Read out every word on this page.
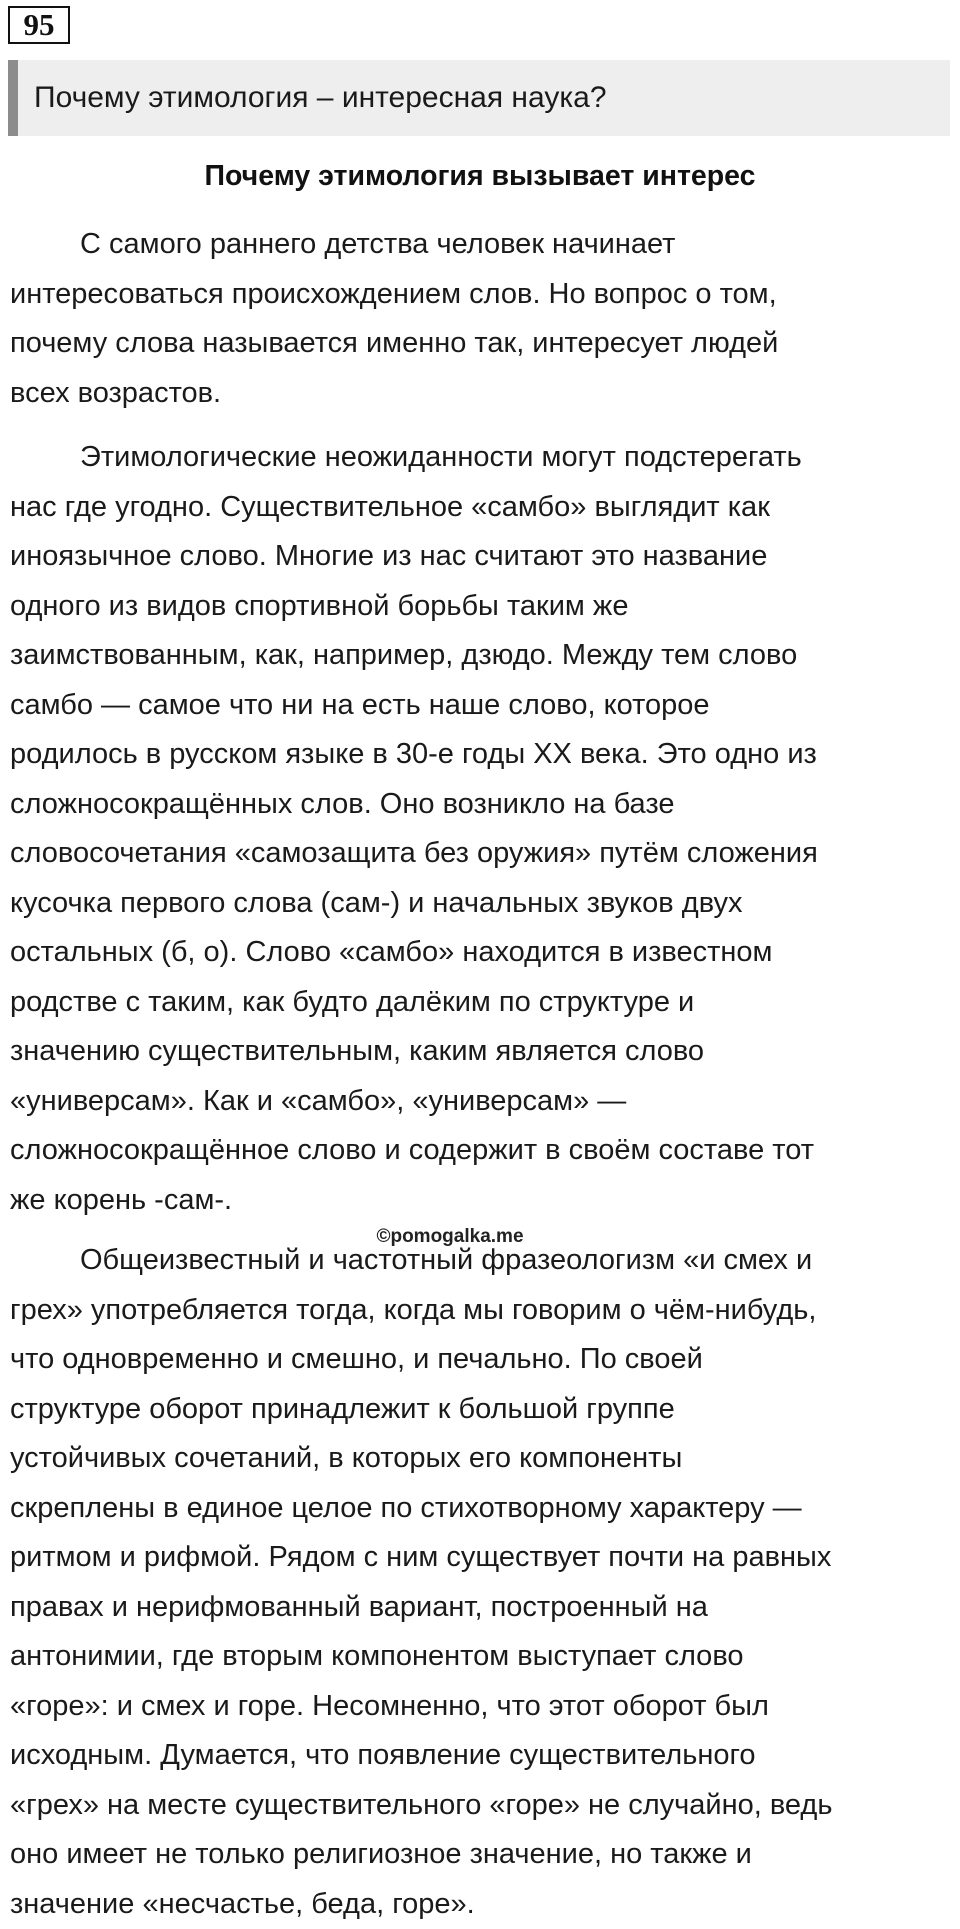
95
Почему этимология – интересная наука?
Почему этимология вызывает интерес

С самого раннего детства человек начинает
интересоваться происхождением слов. Но вопрос о том,
почему слова называется именно так, интересует людей
всех возрастов.

Этимологические неожиданности могут подстерегать
нас где угодно. Существительное «самбо» выглядит как
иноязычное слово. Многие из нас считают это название
одного из видов спортивной борьбы таким же
заимствованным, как, например, дзюдо. Между тем слово
самбо — самое что ни на есть наше слово, которое
родилось в русском языке в 30-е годы XX века. Это одно из
сложносокращённых слов. Оно возникло на базе
словосочетания «самозащита без оружия» путём сложения
кусочка первого слова (сам-) и начальных звуков двух
остальных (б, о). Слово «самбо» находится в известном
родстве с таким, как будто далёким по структуре и
значению существительным, каким является слово
«универсам». Как и «самбо», «универсам» —
сложносокращённое слово и содержит в своём составе тот
же корень -сам-.

©pomogalka.me

Общеизвестный и частотный фразеологизм «и смех и
грех» употребляется тогда, когда мы говорим о чём-нибудь,
что одновременно и смешно, и печально. По своей
структуре оборот принадлежит к большой группе
устойчивых сочетаний, в которых его компоненты
скреплены в единое целое по стихотворному характеру —
ритмом и рифмой. Рядом с ним существует почти на равных
правах и нерифмованный вариант, построенный на
антонимии, где вторым компонентом выступает слово
«горе»: и смех и горе. Несомненно, что этот оборот был
исходным. Думается, что появление существительного
«грех» на месте существительного «горе» не случайно, ведь
оно имеет не только религиозное значение, но также и
значение «несчастье, беда, горе».
